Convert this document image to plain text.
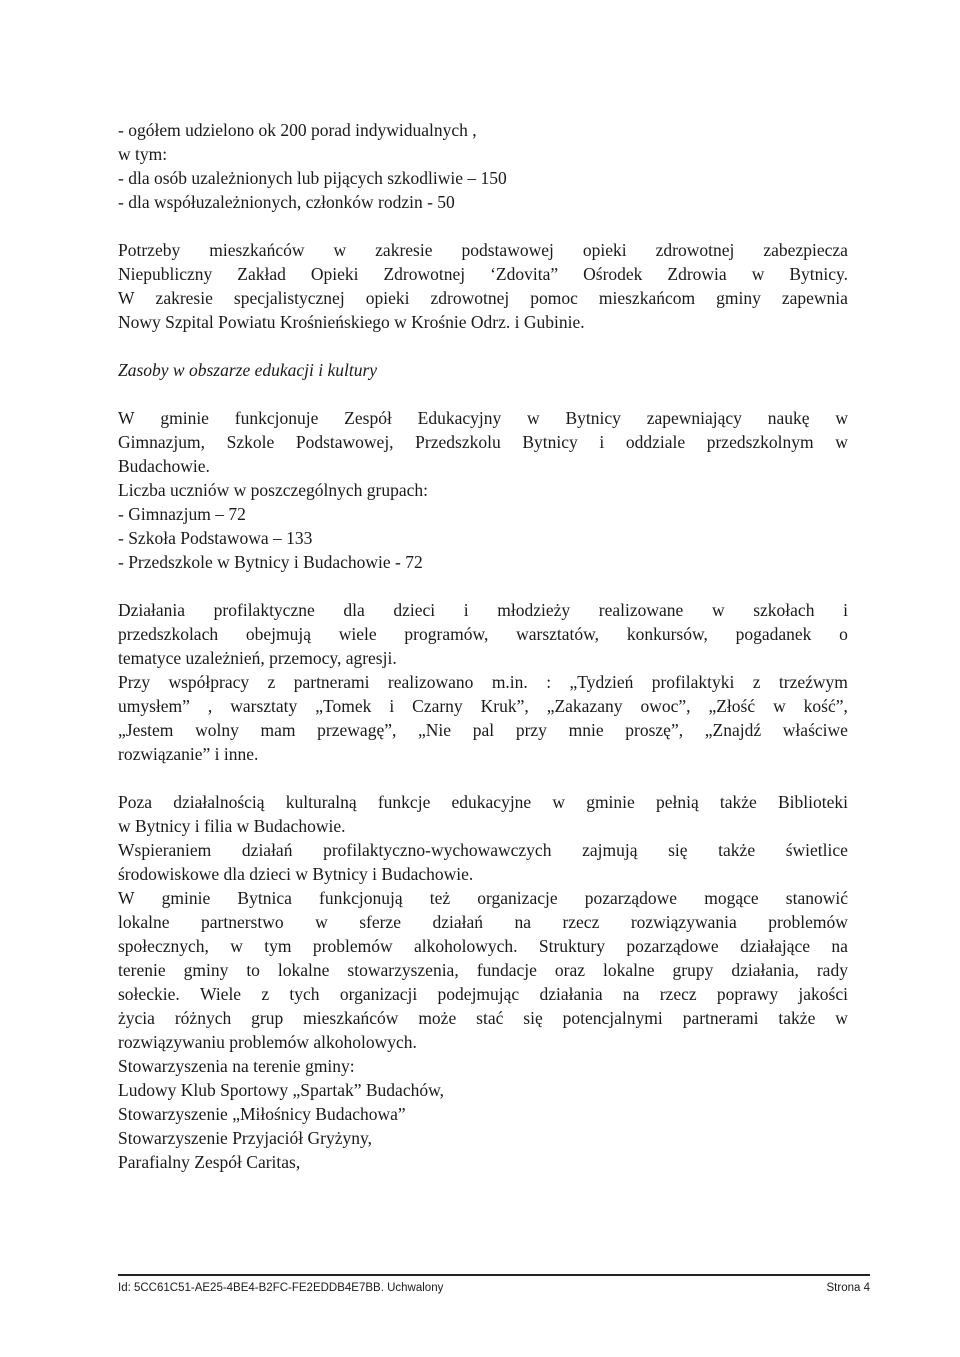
- ogółem udzielono ok 200 porad indywidualnych ,
w tym:
- dla osób uzależnionych lub pijących szkodliwie – 150
- dla współuzależnionych, członków rodzin - 50
Potrzeby mieszkańców w zakresie podstawowej opieki zdrowotnej zabezpiecza
Niepubliczny Zakład Opieki Zdrowotnej ‘Zdovita” Ośrodek Zdrowia w Bytnicy.
W zakresie specjalistycznej opieki zdrowotnej pomoc mieszkańcom gminy zapewnia
Nowy Szpital Powiatu Krośnieńskiego w Krośnie Odrz. i Gubinie.
Zasoby w obszarze edukacji i kultury
W gminie funkcjonuje Zespół Edukacyjny w Bytnicy zapewniający naukę w
Gimnazjum, Szkole Podstawowej, Przedszkolu Bytnicy i oddziale przedszkolnym w
Budachowie.
Liczba uczniów w poszczególnych grupach:
- Gimnazjum – 72
- Szkoła Podstawowa – 133
- Przedszkole w Bytnicy i Budachowie - 72
Działania profilaktyczne dla dzieci i młodzieży realizowane w szkołach i
przedszkolach obejmują wiele programów, warsztatów, konkursów, pogadanek o
tematyce uzależnień, przemocy, agresji.
Przy współpracy z partnerami realizowano m.in. : „Tydzień profilaktyki z trzeźwym
umysłem” , warsztaty „Tomek i Czarny Kruk”, „Zakazany owoc”, „Złość w kość”,
„Jestem wolny mam przewagę”, „Nie pal przy mnie proszę”, „Znajdź właściwe
rozwiązanie” i inne.
Poza działalnością kulturalną funkcje edukacyjne w gminie pełnią także Biblioteki
w Bytnicy i filia w Budachowie.
Wspieraniem działań profilaktyczno-wychowawczych zajmują się także świetlice
środowiskowe dla dzieci w Bytnicy i Budachowie.
W gminie Bytnica funkcjonują też organizacje pozarządowe mogące stanowić
lokalne partnerstwo w sferze działań na rzecz rozwiązywania problemów
społecznych, w tym problemów alkoholowych. Struktury pozarządowe działające na
terenie gminy to lokalne stowarzyszenia, fundacje oraz lokalne grupy działania, rady
sołeckie. Wiele z tych organizacji podejmując działania na rzecz poprawy jakości
życia różnych grup mieszkańców może stać się potencjalnymi partnerami także w
rozwiązywaniu problemów alkoholowych.
Stowarzyszenia na terenie gminy:
Ludowy Klub Sportowy „Spartak” Budachów,
Stowarzyszenie „Miłośnicy Budachowa”
Stowarzyszenie Przyjaciół Gryżyny,
Parafialny Zespół Caritas,
Id: 5CC61C51-AE25-4BE4-B2FC-FE2EDDB4E7BB. Uchwalony	Strona 4
